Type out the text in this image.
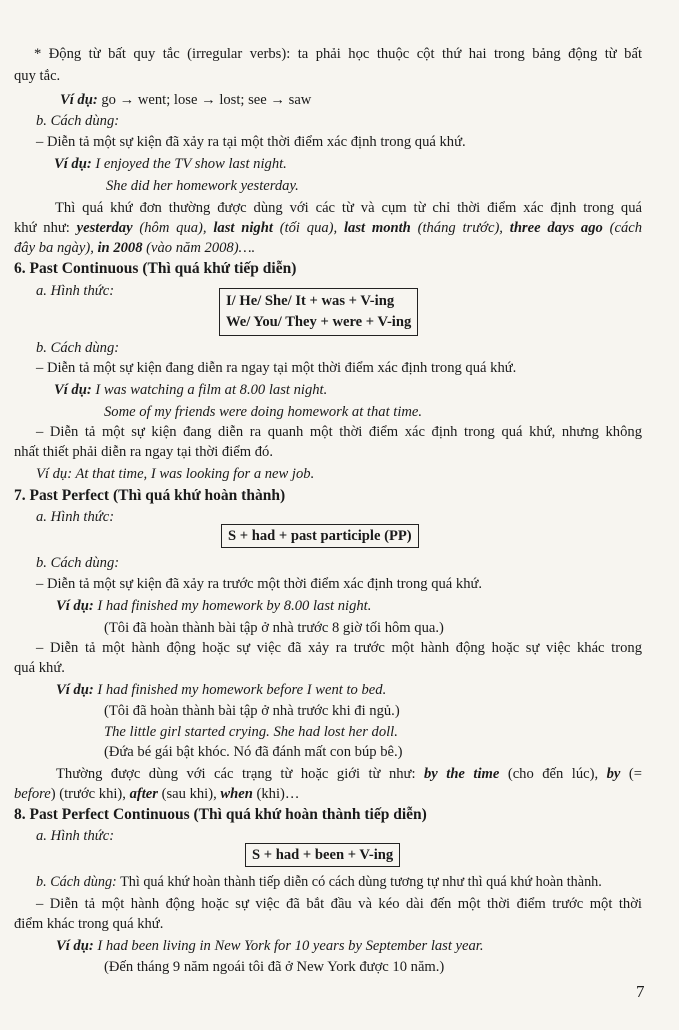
* Động từ bất quy tắc (irregular verbs): ta phải học thuộc cột thứ hai trong bảng động từ bất
quy tắc.
Ví dụ: go → went; lose → lost; see → saw
b. Cách dùng:
– Diễn tả một sự kiện đã xảy ra tại một thời điểm xác định trong quá khứ.
Ví dụ: I enjoyed the TV show last night.
She did her homework yesterday.
Thì quá khứ đơn thường được dùng với các từ và cụm từ chỉ thời điểm xác định trong quá
khứ như: yesterday (hôm qua), last night (tối qua), last month (tháng trước), three days ago (cách
đây ba ngày), in 2008 (vào năm 2008)….
6. Past Continuous (Thì quá khứ tiếp diễn)
a. Hình thức:
I/ He/ She/ It + was + V-ing
We/ You/ They + were + V-ing
b. Cách dùng:
– Diễn tả một sự kiện đang diễn ra ngay tại một thời điểm xác định trong quá khứ.
Ví dụ: I was watching a film at 8.00 last night.
Some of my friends were doing homework at that time.
– Diễn tả một sự kiện đang diễn ra quanh một thời điểm xác định trong quá khứ, nhưng không
nhất thiết phải diễn ra ngay tại thời điểm đó.
Ví dụ: At that time, I was looking for a new job.
7. Past Perfect (Thì quá khứ hoàn thành)
a. Hình thức:
S + had + past participle (PP)
b. Cách dùng:
– Diễn tả một sự kiện đã xảy ra trước một thời điểm xác định trong quá khứ.
Ví dụ: I had finished my homework by 8.00 last night.
(Tôi đã hoàn thành bài tập ở nhà trước 8 giờ tối hôm qua.)
– Diễn tả một hành động hoặc sự việc đã xảy ra trước một hành động hoặc sự việc khác trong
quá khứ.
Ví dụ: I had finished my homework before I went to bed.
(Tôi đã hoàn thành bài tập ở nhà trước khi đi ngủ.)
The little girl started crying. She had lost her doll.
(Đứa bé gái bật khóc. Nó đã đánh mất con búp bê.)
Thường được dùng với các trạng từ hoặc giới từ như: by the time (cho đến lúc), by (=
before) (trước khi), after (sau khi), when (khi)…
8. Past Perfect Continuous (Thì quá khứ hoàn thành tiếp diễn)
a. Hình thức:
S + had + been + V-ing
b. Cách dùng: Thì quá khứ hoàn thành tiếp diễn có cách dùng tương tự như thì quá khứ hoàn thành.
– Diễn tả một hành động hoặc sự việc đã bắt đầu và kéo dài đến một thời điểm trước một thời
điểm khác trong quá khứ.
Ví dụ: I had been living in New York for 10 years by September last year.
(Đến tháng 9 năm ngoái tôi đã ở New York được 10 năm.)
7
